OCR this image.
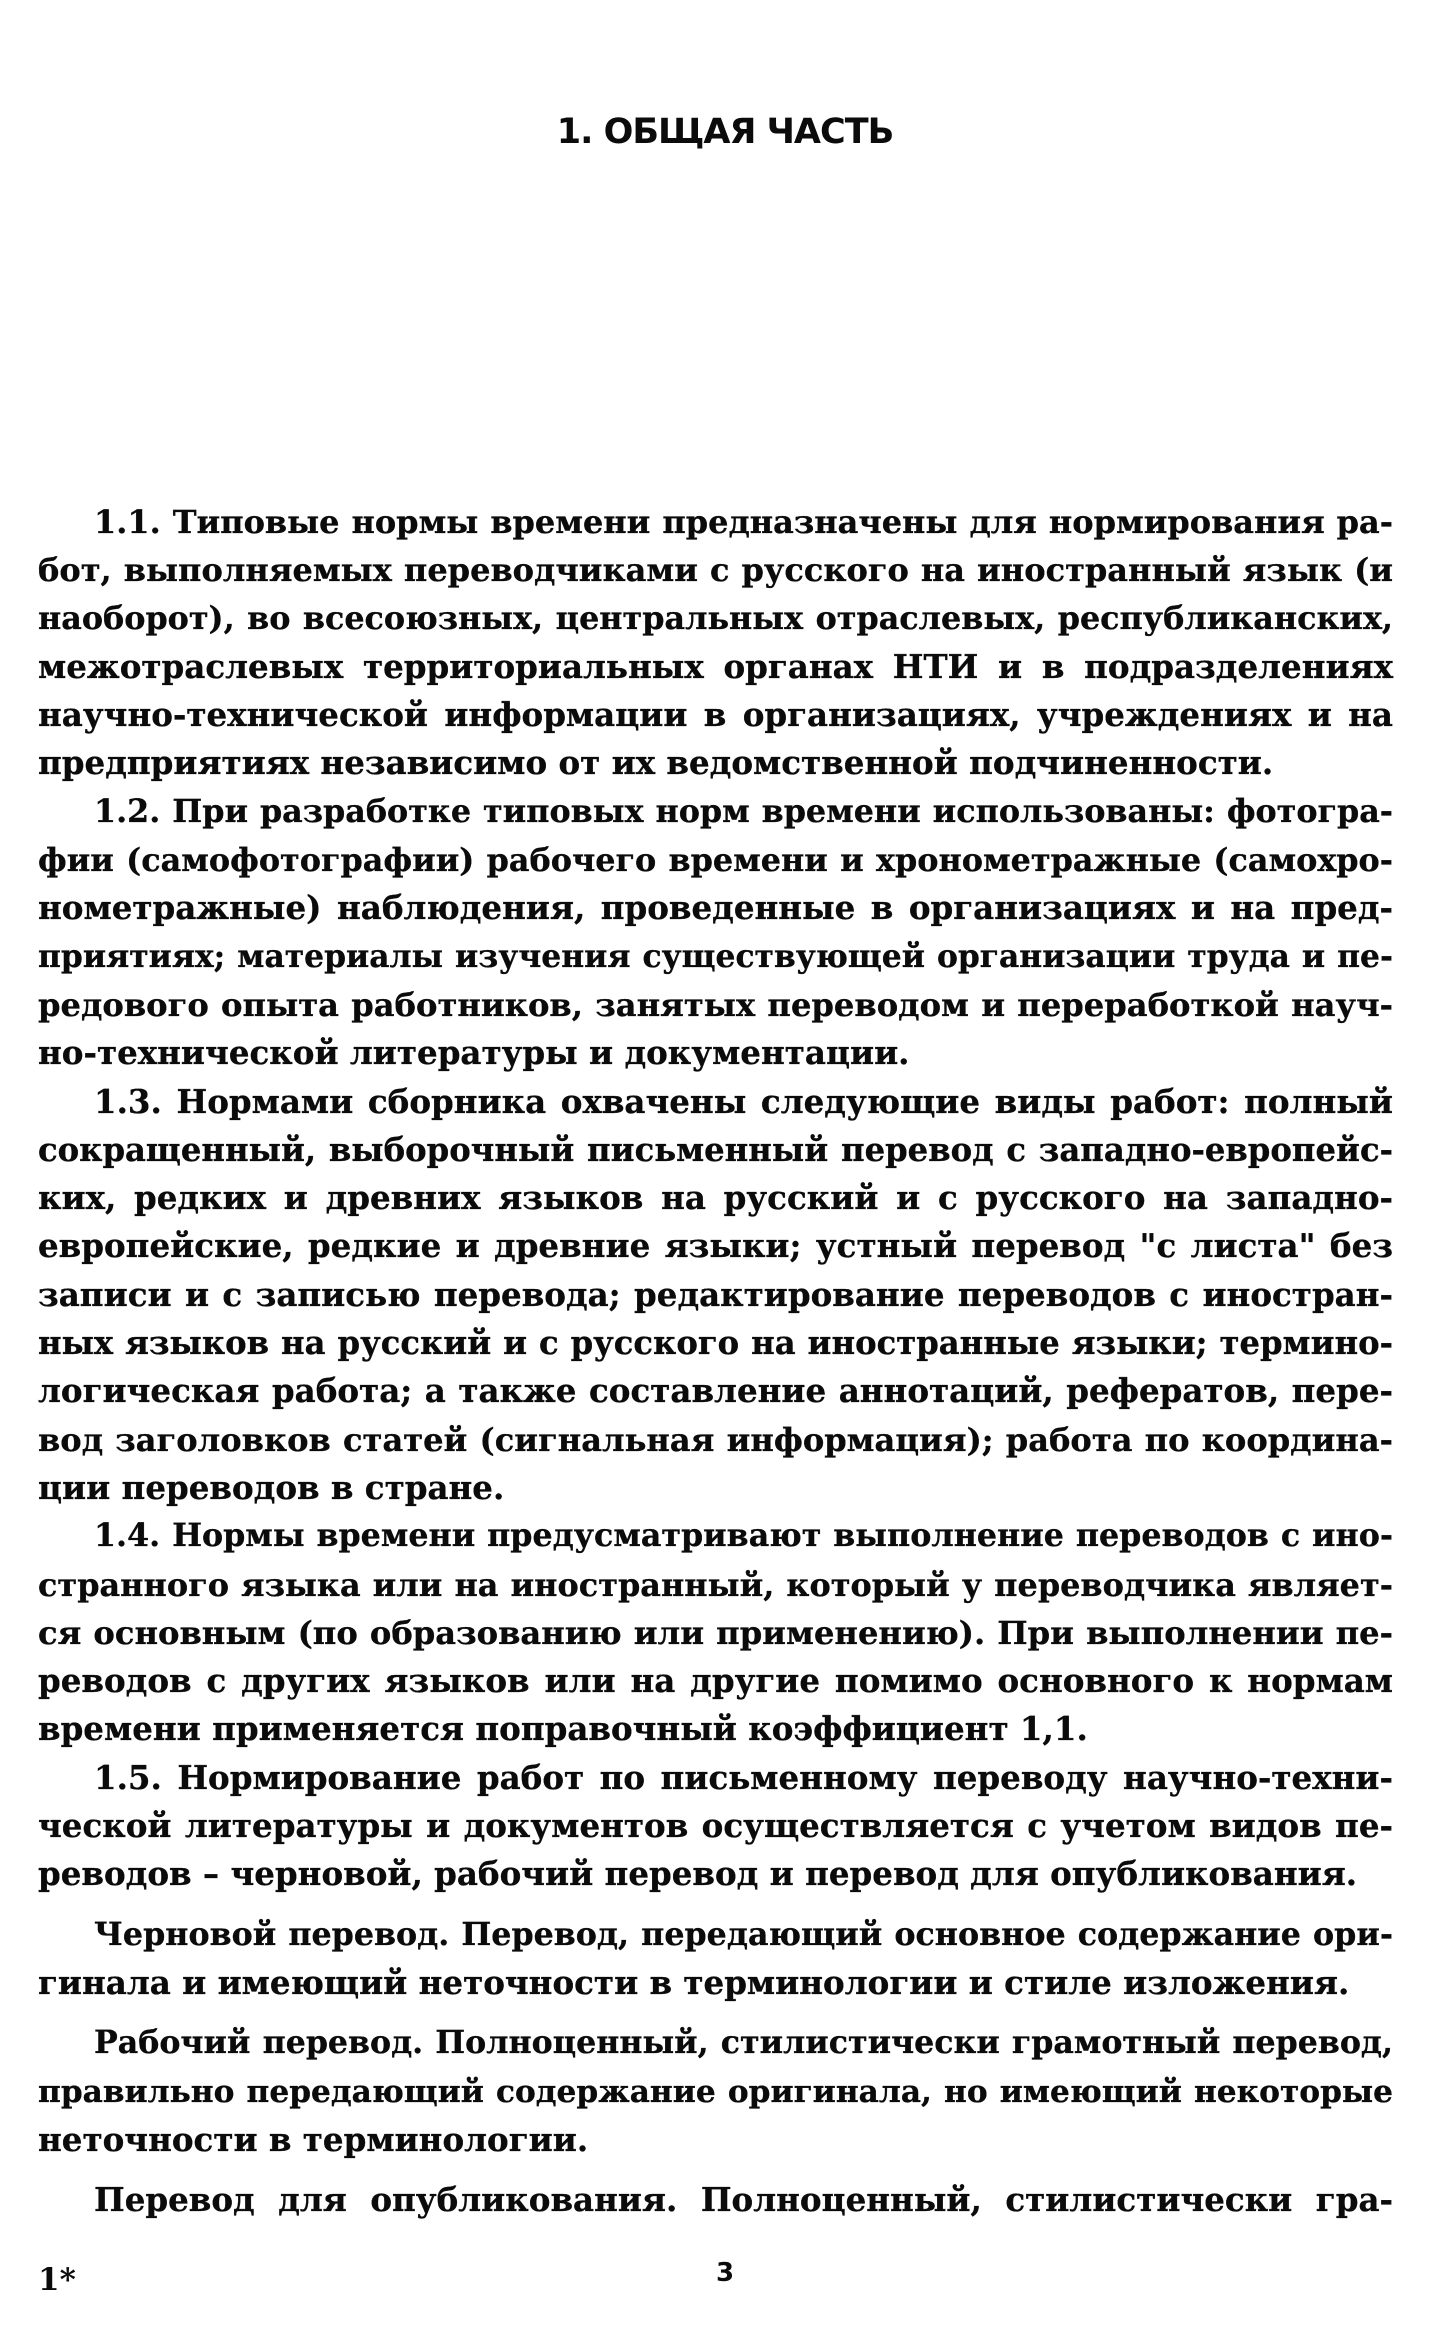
1. ОБЩАЯ ЧАСТЬ
1.1. Типовые нормы времени предназначены для нормирования ра-
бот, выполняемых переводчиками с русского на иностранный язык (и
наоборот), во всесоюзных, центральных отраслевых, республиканских,
межотраслевых территориальных органах НТИ и в подразделениях
научно-технической информации в организациях, учреждениях и на
предприятиях независимо от их ведомственной подчиненности.
1.2. При разработке типовых норм времени использованы: фотогра-
фии (самофотографии) рабочего времени и хронометражные (самохро-
нометражные) наблюдения, проведенные в организациях и на пред-
приятиях; материалы изучения существующей организации труда и пе-
редового опыта работников, занятых переводом и переработкой науч-
но-технической литературы и документации.
1.3. Нормами сборника охвачены следующие виды работ: полный
сокращенный, выборочный письменный перевод с западно-европейс-
ких, редких и древних языков на русский и с русского на западно-
европейские, редкие и древние языки; устный перевод "с листа" без
записи и с записью перевода; редактирование переводов с иностран-
ных языков на русский и с русского на иностранные языки; термино-
логическая работа; а также составление аннотаций, рефератов, пере-
вод заголовков статей (сигнальная информация); работа по координа-
ции переводов в стране.
1.4. Нормы времени предусматривают выполнение переводов с ино-
странного языка или на иностранный, который у переводчика являет-
ся основным (по образованию или применению). При выполнении пе-
реводов с других языков или на другие помимо основного к нормам
времени применяется поправочный коэффициент 1,1.
1.5. Нормирование работ по письменному переводу научно-техни-
ческой литературы и документов осуществляется с учетом видов пе-
реводов – черновой, рабочий перевод и перевод для опубликования.
Черновой перевод. Перевод, передающий основное содержание ори-
гинала и имеющий неточности в терминологии и стиле изложения.
Рабочий перевод. Полноценный, стилистически грамотный перевод,
правильно передающий содержание оригинала, но имеющий некоторые
неточности в терминологии.
Перевод для опубликования. Полноценный, стилистически гра-
1*	3
